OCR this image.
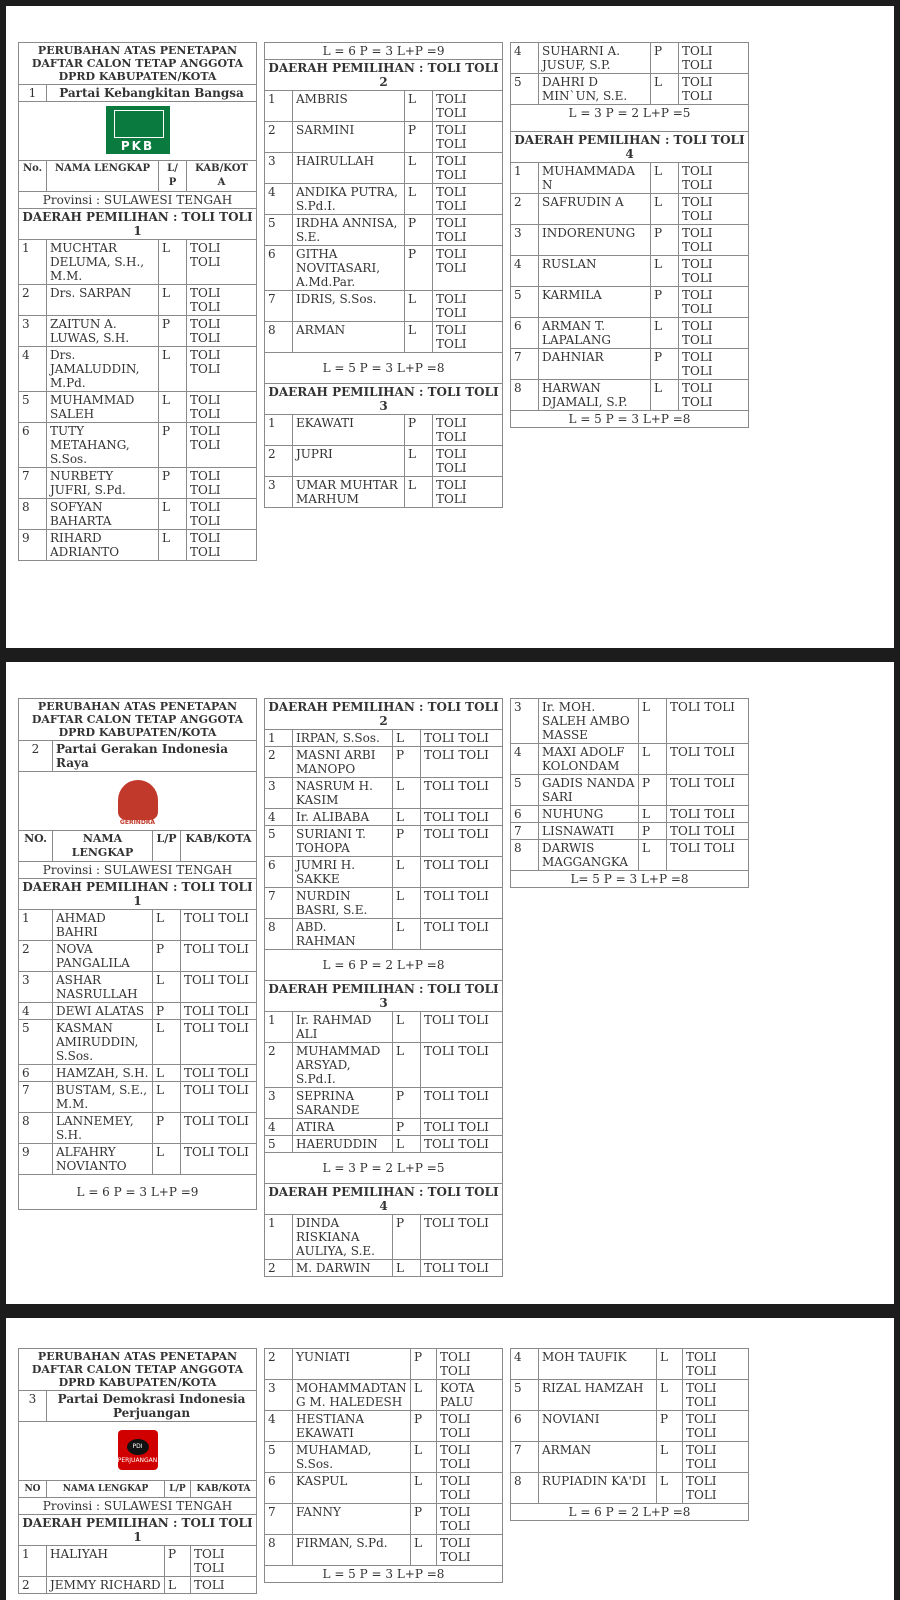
PERUBAHAN ATAS PENETAPAN DAFTAR CALON TETAP ANGGOTA DPRD KABUPATEN/KOTA			
1	Partai Kebangkitan Bangsa		

PKB			

No.	NAMA LENGKAP	L/ P	KAB/KOT A
Provinsi : SULAWESI TENGAH			
DAERAH PEMILIHAN : TOLI TOLI 1			
1	MUCHTAR DELUMA, S.H., M.M.	L	TOLI TOLI
2	Drs. SARPAN	L	TOLI TOLI
3	ZAITUN A. LUWAS, S.H.	P	TOLI TOLI
4	Drs. JAMALUDDIN, M.Pd.	L	TOLI TOLI
5	MUHAMMAD SALEH	L	TOLI TOLI
6	TUTY METAHANG, S.Sos.	P	TOLI TOLI
7	NURBETY JUFRI, S.Pd.	P	TOLI TOLI
8	SOFYAN BAHARTA	L	TOLI TOLI
9	RIHARD ADRIANTO	L	TOLI TOLI
L = 6 P = 3 L+P =9			
DAERAH PEMILIHAN : TOLI TOLI 2			
1	AMBRIS	L	TOLI TOLI
2	SARMINI	P	TOLI TOLI
3	HAIRULLAH	L	TOLI TOLI
4	ANDIKA PUTRA, S.Pd.I.	L	TOLI TOLI
5	IRDHA ANNISA, S.E.	P	TOLI TOLI
6	GITHA NOVITASARI, A.Md.Par.	P	TOLI TOLI
7	IDRIS, S.Sos.	L	TOLI TOLI
8	ARMAN	L	TOLI TOLI
L = 5 P = 3 L+P =8			
DAERAH PEMILIHAN : TOLI TOLI 3			
1	EKAWATI	P	TOLI TOLI
2	JUPRI	L	TOLI TOLI
3	UMAR MUHTAR MARHUM	L	TOLI TOLI
4	SUHARNI A. JUSUF, S.P.	P	TOLI TOLI
5	DAHRI D MIN`UN, S.E.	L	TOLI TOLI
L = 3 P = 2 L+P =5			
DAERAH PEMILIHAN : TOLI TOLI 4			
1	MUHAMMADA N	L	TOLI TOLI
2	SAFRUDIN A	L	TOLI TOLI
3	INDORENUNG	P	TOLI TOLI
4	RUSLAN	L	TOLI TOLI
5	KARMILA	P	TOLI TOLI
6	ARMAN T. LAPALANG	L	TOLI TOLI
7	DAHNIAR	P	TOLI TOLI
8	HARWAN DJAMALI, S.P.	L	TOLI TOLI
L = 5 P = 3 L+P =8			
PERUBAHAN ATAS PENETAPAN DAFTAR CALON TETAP ANGGOTA DPRD KABUPATEN/KOTA			
2	Partai Gerakan Indonesia Raya		

GERINDRA			

NO.	NAMA LENGKAP	L/P	KAB/KOTA
Provinsi : SULAWESI TENGAH			
DAERAH PEMILIHAN : TOLI TOLI 1			
1	AHMAD BAHRI	L	TOLI TOLI
2	NOVA PANGALILA	P	TOLI TOLI
3	ASHAR NASRULLAH	L	TOLI TOLI
4	DEWI ALATAS	P	TOLI TOLI
5	KASMAN AMIRUDDIN, S.Sos.	L	TOLI TOLI
6	HAMZAH, S.H.	L	TOLI TOLI
7	BUSTAM, S.E., M.M.	L	TOLI TOLI
8	LANNEMEY, S.H.	P	TOLI TOLI
9	ALFAHRY NOVIANTO	L	TOLI TOLI
L = 6 P = 3 L+P =9			
DAERAH PEMILIHAN : TOLI TOLI 2			
1	IRPAN, S.Sos.	L	TOLI TOLI
2	MASNI ARBI MANOPO	P	TOLI TOLI
3	NASRUM H. KASIM	L	TOLI TOLI
4	Ir. ALIBABA	L	TOLI TOLI
5	SURIANI T. TOHOPA	P	TOLI TOLI
6	JUMRI H. SAKKE	L	TOLI TOLI
7	NURDIN BASRI, S.E.	L	TOLI TOLI
8	ABD. RAHMAN	L	TOLI TOLI
L = 6 P = 2 L+P =8			
DAERAH PEMILIHAN : TOLI TOLI 3			
1	Ir. RAHMAD ALI	L	TOLI TOLI
2	MUHAMMAD ARSYAD, S.Pd.I.	L	TOLI TOLI
3	SEPRINA SARANDE	P	TOLI TOLI
4	ATIRA	P	TOLI TOLI
5	HAERUDDIN	L	TOLI TOLI
L = 3 P = 2 L+P =5			
DAERAH PEMILIHAN : TOLI TOLI 4			
1	DINDA RISKIANA AULIYA, S.E.	P	TOLI TOLI
2	M. DARWIN	L	TOLI TOLI
3	Ir. MOH. SALEH AMBO MASSE	L	TOLI TOLI
4	MAXI ADOLF KOLONDAM	L	TOLI TOLI
5	GADIS NANDA SARI	P	TOLI TOLI
6	NUHUNG	L	TOLI TOLI
7	LISNAWATI	P	TOLI TOLI
8	DARWIS MAGGANGKA	L	TOLI TOLI
L= 5 P = 3 L+P =8			
PERUBAHAN ATAS PENETAPAN DAFTAR CALON TETAP ANGGOTA DPRD KABUPATEN/KOTA			
3	Partai Demokrasi Indonesia Perjuangan		

PDI PERJUANGAN			

NO	NAMA LENGKAP	L/P	KAB/KOTA
Provinsi : SULAWESI TENGAH			
DAERAH PEMILIHAN : TOLI TOLI 1			
1	HALIYAH	P	TOLI TOLI
2	JEMMY RICHARD	L	TOLI
2	YUNIATI	P	TOLI TOLI
3	MOHAMMADTANG M. HALEDESH	L	KOTA PALU
4	HESTIANA EKAWATI	P	TOLI TOLI
5	MUHAMAD, S.Sos.	L	TOLI TOLI
6	KASPUL	L	TOLI TOLI
7	FANNY	P	TOLI TOLI
8	FIRMAN, S.Pd.	L	TOLI TOLI
L = 5 P = 3 L+P =8			
4	MOH TAUFIK	L	TOLI TOLI
5	RIZAL HAMZAH	L	TOLI TOLI
6	NOVIANI	P	TOLI TOLI
7	ARMAN	L	TOLI TOLI
8	RUPIADIN KA'DI	L	TOLI TOLI
L = 6 P = 2 L+P =8			
